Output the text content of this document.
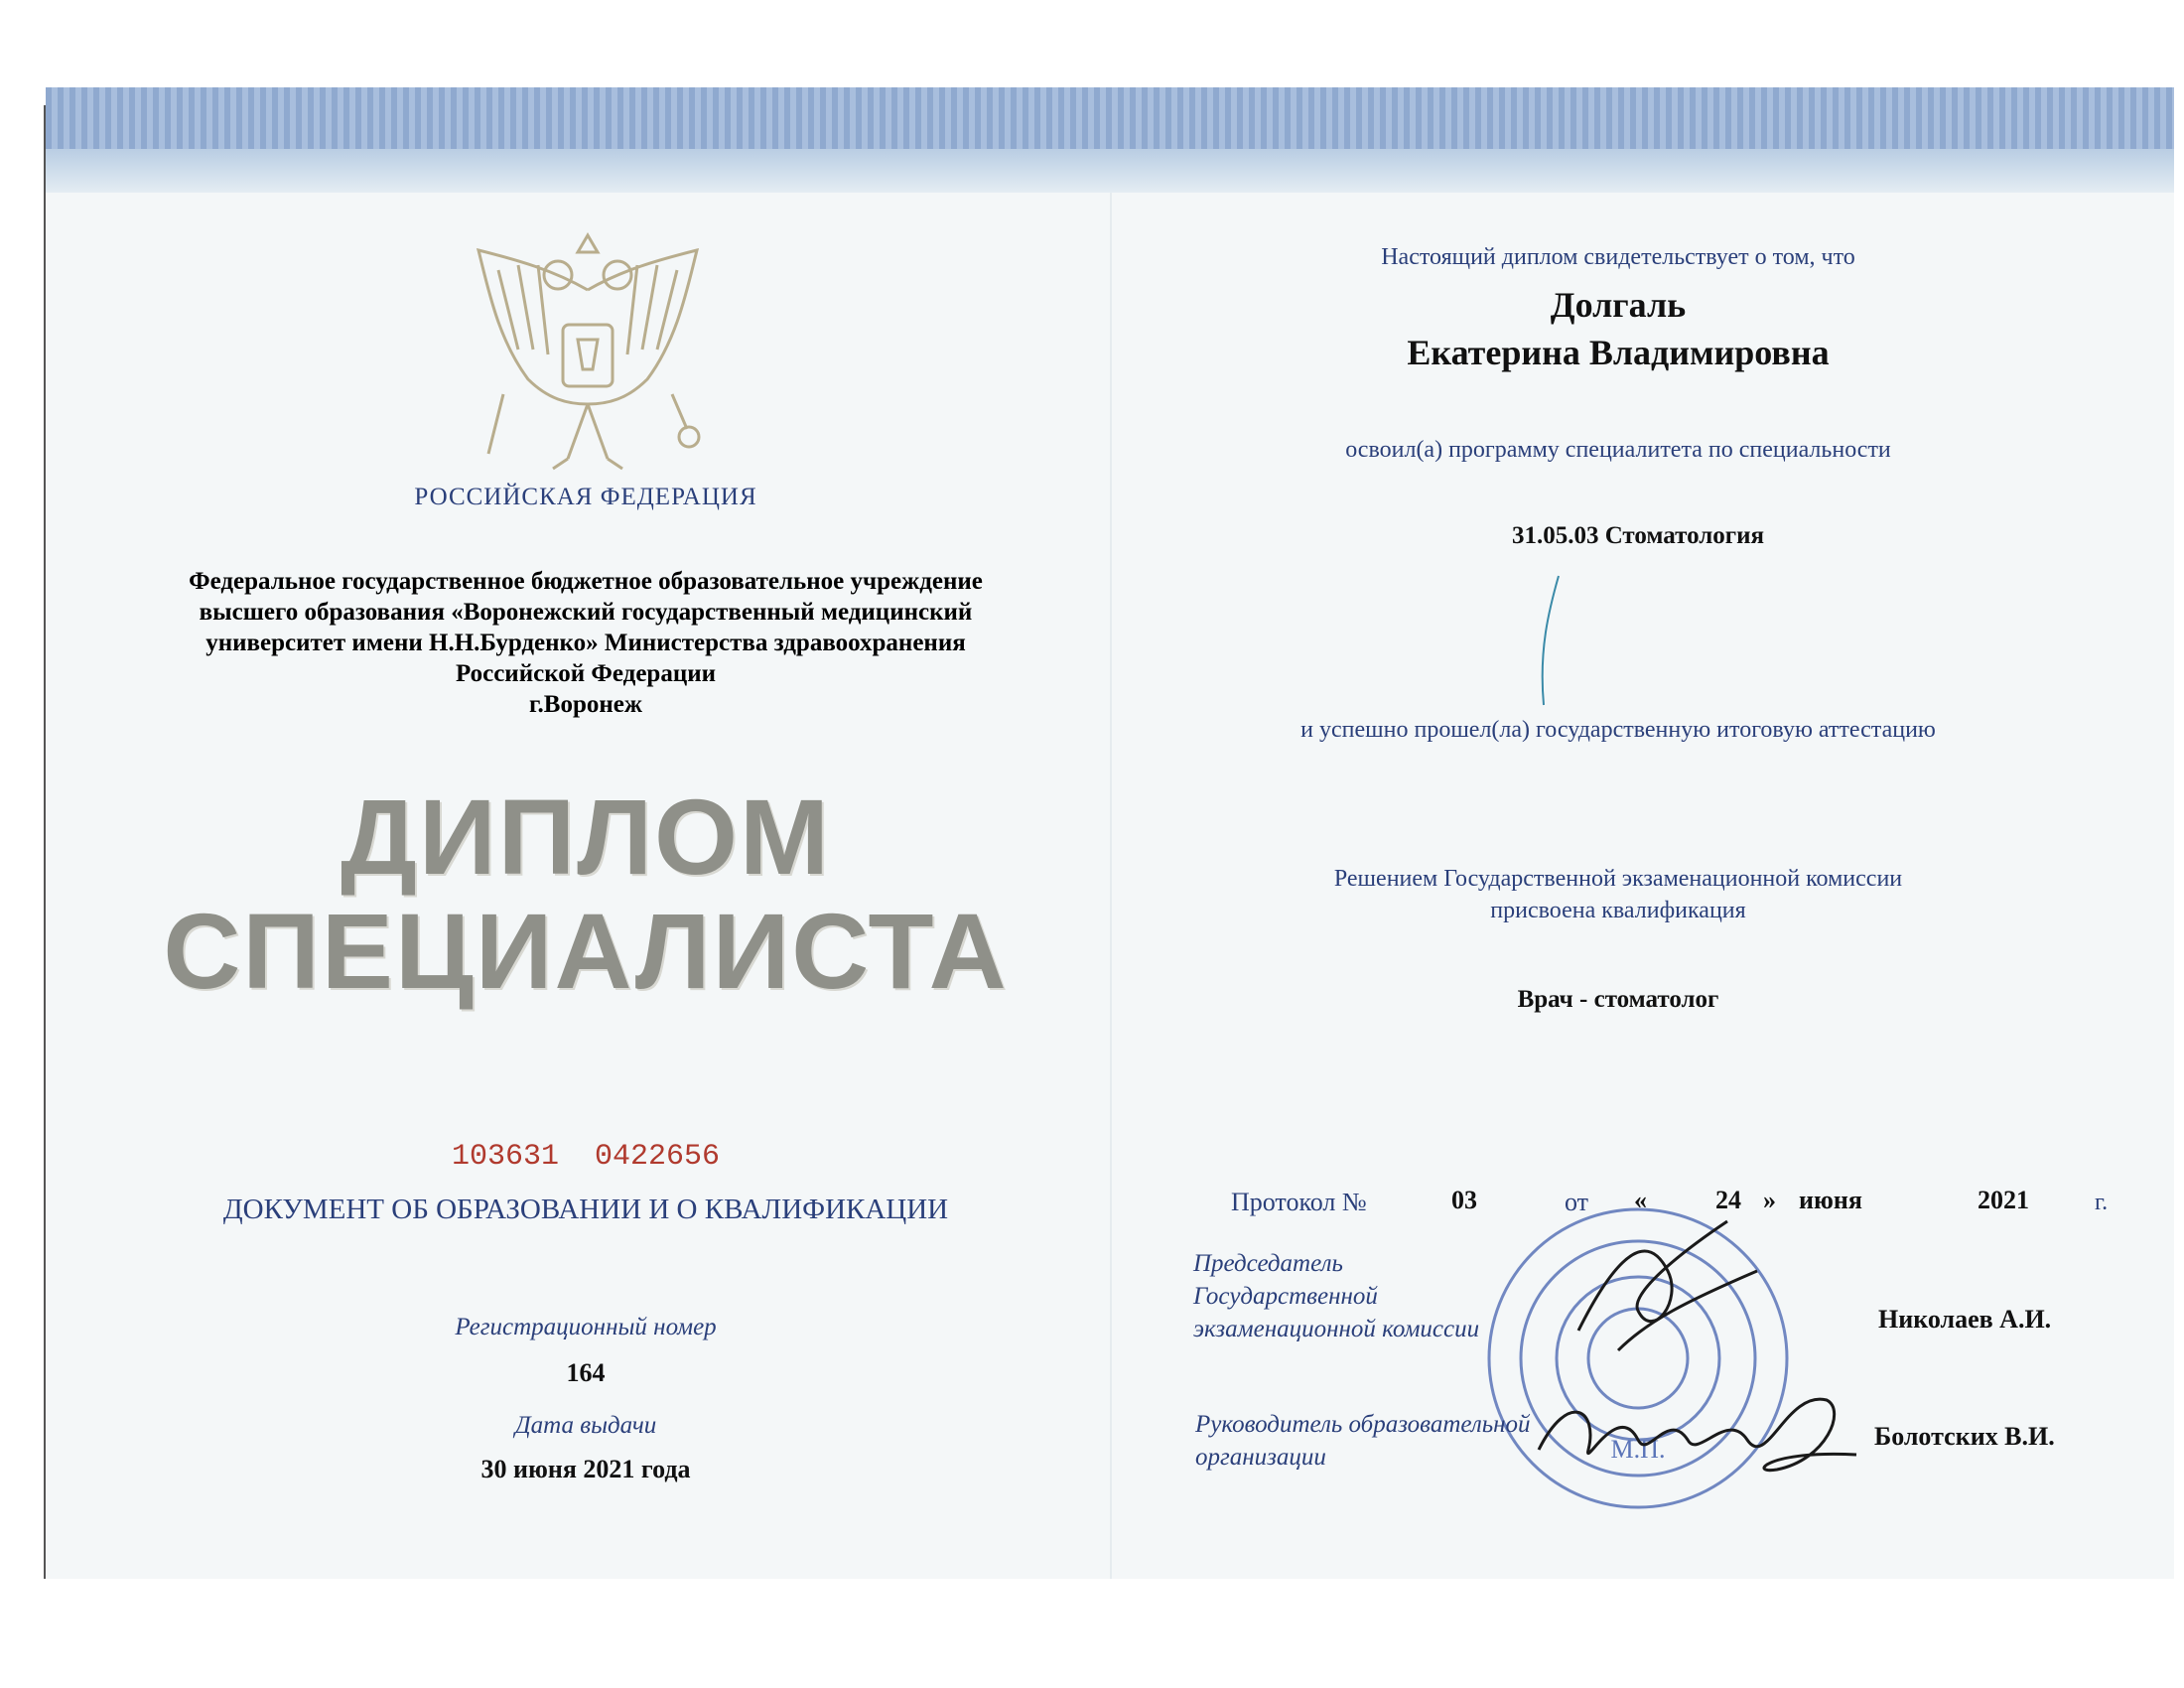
РОССИЙСКАЯ ФЕДЕРАЦИЯ
Федеральное государственное бюджетное образовательное учреждение
высшего образования «Воронежский государственный медицинский
университет имени Н.Н.Бурденко» Министерства здравоохранения
Российской Федерации
г.Воронеж
ДИПЛОМ
СПЕЦИАЛИСТА
103631  0422656
ДОКУМЕНТ ОБ ОБРАЗОВАНИИ И О КВАЛИФИКАЦИИ
Регистрационный номер
164
Дата выдачи
30 июня 2021 года
Настоящий диплом свидетельствует о том, что
Долгаль
Екатерина Владимировна
освоил(а) программу специалитета по специальности
31.05.03 Стоматология
и успешно прошел(ла) государственную итоговую аттестацию
Решением Государственной экзаменационной комиссии
присвоена квалификация
Врач - стоматолог
Протокол №	03	от «	24 » июня	2021	г.
М.П.
Председатель
Государственной
экзаменационной комиссии	Николаев А.И.
Руководитель образовательной
организации
Болотских В.И.
